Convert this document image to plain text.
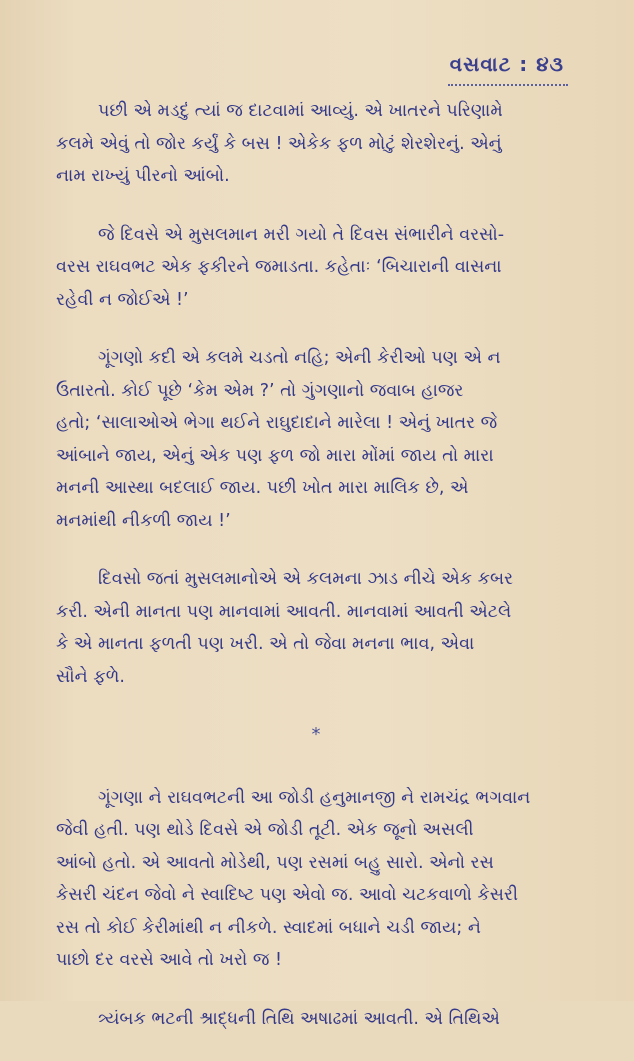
વસવાટ : ૪૩

પછી એ મડદું ત્યાં જ દાટવામાં આવ્યું. એ ખાતરને પરિણામે
કલમે એવું તો જોર કર્યું કે બસ ! એકેક ફળ મોટું શેરશેરનું. એનું
નામ રાખ્યું પીરનો આંબો.

જે દિવસે એ મુસલમાન મરી ગયો તે દિવસ સંભારીને વરસો-
વરસ રાઘવભટ એક ફકીરને જમાડતા. કહેતાઃ ‘બિચારાની વાસના
રહેવી ન જોઈએ !’

ગૂંગણો કદી એ કલમે ચડતો નહિ; એની કેરીઓ પણ એ ન
ઉતારતો. કોઈ પૂછે ‘કેમ એમ ?’ તો ગુંગણાનો જવાબ હાજર
હતો; ‘સાલાઓએ ભેગા થઈને રાઘુદાદાને મારેલા ! એનું ખાતર જે
આંબાને જાય, એનું એક પણ ફળ જો મારા મોંમાં જાય તો મારા
મનની આસ્થા બદલાઈ જાય. પછી ખોત મારા માલિક છે, એ
મનમાંથી નીકળી જાય !’

દિવસો જતાં મુસલમાનોએ એ કલમના ઝાડ નીચે એક કબર
કરી. એની માનતા પણ માનવામાં આવતી. માનવામાં આવતી એટલે
કે એ માનતા ફળતી પણ ખરી. એ તો જેવા મનના ભાવ, એવા
સૌને ફળે.

*

ગૂંગણા ને રાઘવભટની આ જોડી હનુમાનજી ને રામચંદ્ર ભગવાન
જેવી હતી. પણ થોડે દિવસે એ જોડી તૂટી. એક જૂનો અસલી
આંબો હતો. એ આવતો મોડેથી, પણ રસમાં બહુ સારો. એનો રસ
કેસરી ચંદન જેવો ને સ્વાદિષ્ટ પણ એવો જ. આવો ચટકવાળો કેસરી
રસ તો કોઈ કેરીમાંથી ન નીકળે. સ્વાદમાં બધાને ચડી જાય; ને
પાછો દર વરસે આવે તો ખરો જ !

ત્ર્યંબક ભટની શ્રાદ્ધની તિથિ અષાઢમાં આવતી. એ તિથિએ
